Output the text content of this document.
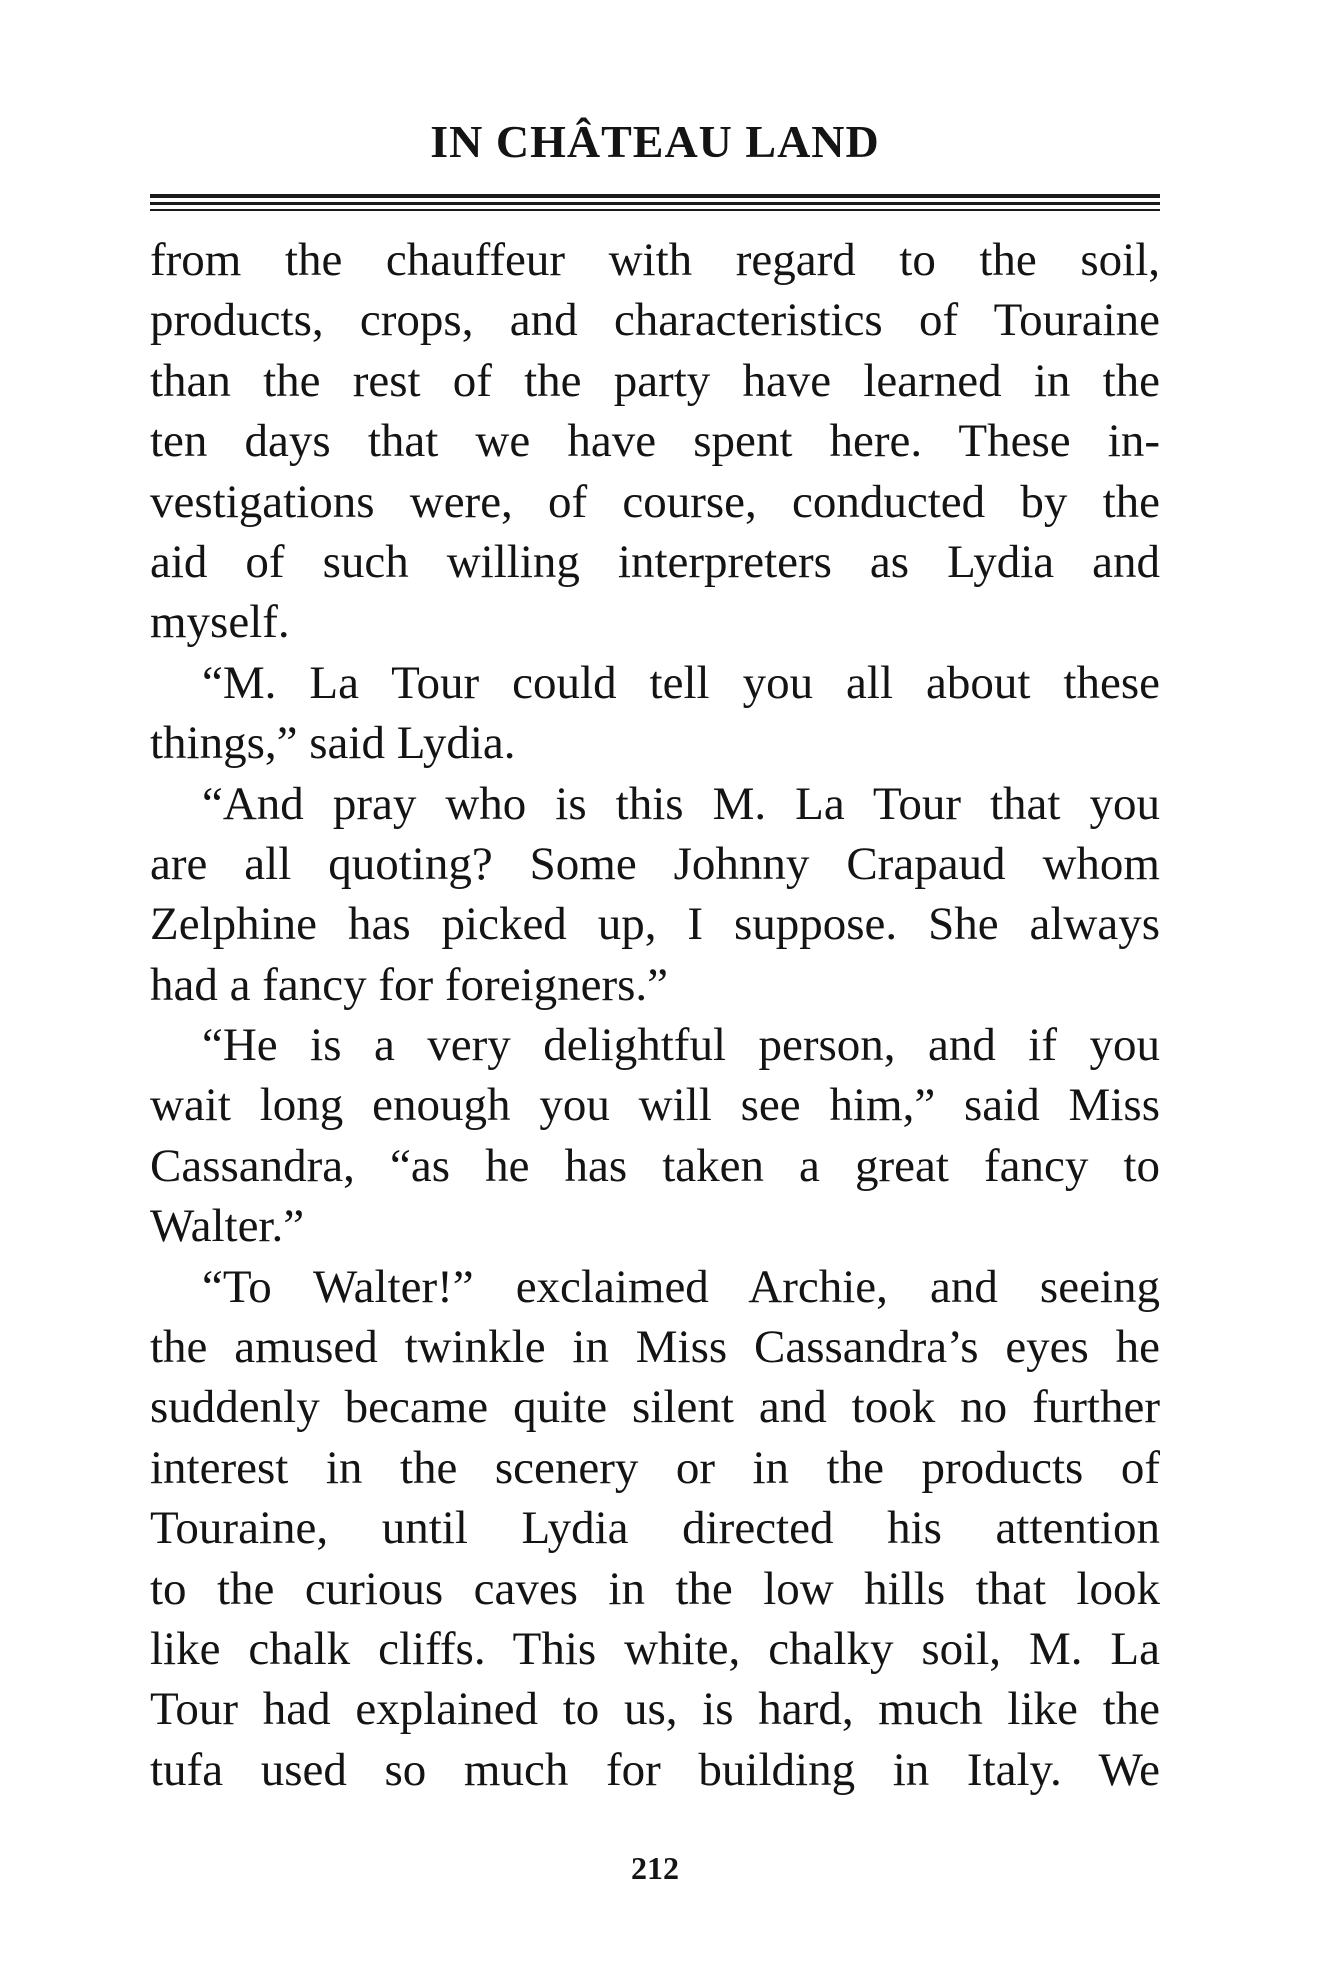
IN CHÂTEAU LAND
from the chauffeur with regard to the soil,
products, crops, and characteristics of Touraine
than the rest of the party have learned in the
ten days that we have spent here. These in-
vestigations were, of course, conducted by the
aid of such willing interpreters as Lydia and
myself.
“M. La Tour could tell you all about these
things,” said Lydia.
“And pray who is this M. La Tour that you
are all quoting? Some Johnny Crapaud whom
Zelphine has picked up, I suppose. She always
had a fancy for foreigners.”
“He is a very delightful person, and if you
wait long enough you will see him,” said Miss
Cassandra, “as he has taken a great fancy to
Walter.”
“To Walter!” exclaimed Archie, and seeing
the amused twinkle in Miss Cassandra’s eyes he
suddenly became quite silent and took no further
interest in the scenery or in the products of
Touraine, until Lydia directed his attention
to the curious caves in the low hills that look
like chalk cliffs. This white, chalky soil, M. La
Tour had explained to us, is hard, much like the
tufa used so much for building in Italy. We
212
